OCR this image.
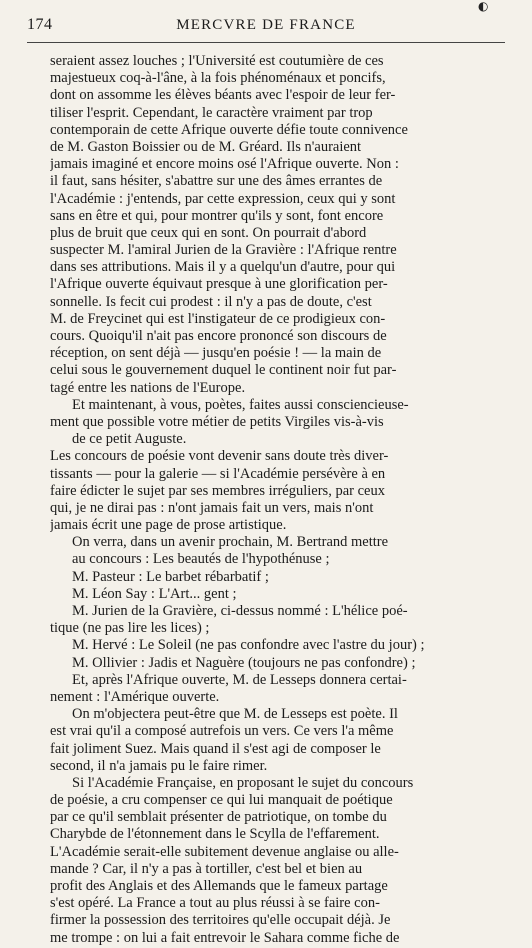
◐
174	MERCVRE DE FRANCE
seraient assez louches ; l'Université est coutumière de ces
majestueux coq-à-l'âne, à la fois phénoménaux et poncifs,
dont on assomme les élèves béants avec l'espoir de leur fer-
tiliser l'esprit. Cependant, le caractère vraiment par trop
contemporain de cette Afrique ouverte défie toute connivence
de M. Gaston Boissier ou de M. Gréard. Ils n'auraient
jamais imaginé et encore moins osé l'Afrique ouverte. Non :
il faut, sans hésiter, s'abattre sur une des âmes errantes de
l'Académie : j'entends, par cette expression, ceux qui y sont
sans en être et qui, pour montrer qu'ils y sont, font encore
plus de bruit que ceux qui en sont. On pourrait d'abord
suspecter M. l'amiral Jurien de la Gravière : l'Afrique rentre
dans ses attributions. Mais il y a quelqu'un d'autre, pour qui
l'Afrique ouverte équivaut presque à une glorification per-
sonnelle. Is fecit cui prodest : il n'y a pas de doute, c'est
M. de Freycinet qui est l'instigateur de ce prodigieux con-
cours. Quoiqu'il n'ait pas encore prononcé son discours de
réception, on sent déjà — jusqu'en poésie ! — la main de
celui sous le gouvernement duquel le continent noir fut par-
tagé entre les nations de l'Europe.
Et maintenant, à vous, poètes, faites aussi consciencieuse-
ment que possible votre métier de petits Virgiles vis-à-vis
de ce petit Auguste.
Les concours de poésie vont devenir sans doute très diver-
tissants — pour la galerie — si l'Académie persévère à en
faire édicter le sujet par ses membres irréguliers, par ceux
qui, je ne dirai pas : n'ont jamais fait un vers, mais n'ont
jamais écrit une page de prose artistique.
On verra, dans un avenir prochain, M. Bertrand mettre
au concours : Les beautés de l'hypothénuse ;
M. Pasteur : Le barbet rébarbatif ;
M. Léon Say : L'Art... gent ;
M. Jurien de la Gravière, ci-dessus nommé : L'hélice poé-
tique (ne pas lire les lices) ;
M. Hervé : Le Soleil (ne pas confondre avec l'astre du jour) ;
M. Ollivier : Jadis et Naguère (toujours ne pas confondre) ;
Et, après l'Afrique ouverte, M. de Lesseps donnera certai-
nement : l'Amérique ouverte.
On m'objectera peut-être que M. de Lesseps est poète. Il
est vrai qu'il a composé autrefois un vers. Ce vers l'a même
fait joliment Suez. Mais quand il s'est agi de composer le
second, il n'a jamais pu le faire rimer.
Si l'Académie Française, en proposant le sujet du concours
de poésie, a cru compenser ce qui lui manquait de poétique
par ce qu'il semblait présenter de patriotique, on tombe du
Charybde de l'étonnement dans le Scylla de l'effarement.
L'Académie serait-elle subitement devenue anglaise ou alle-
mande ? Car, il n'y a pas à tortiller, c'est bel et bien au
profit des Anglais et des Allemands que le fameux partage
s'est opéré. La France a tout au plus réussi à se faire con-
firmer la possession des territoires qu'elle occupait déjà. Je
me trompe : on lui a fait entrevoir le Sahara comme fiche de
